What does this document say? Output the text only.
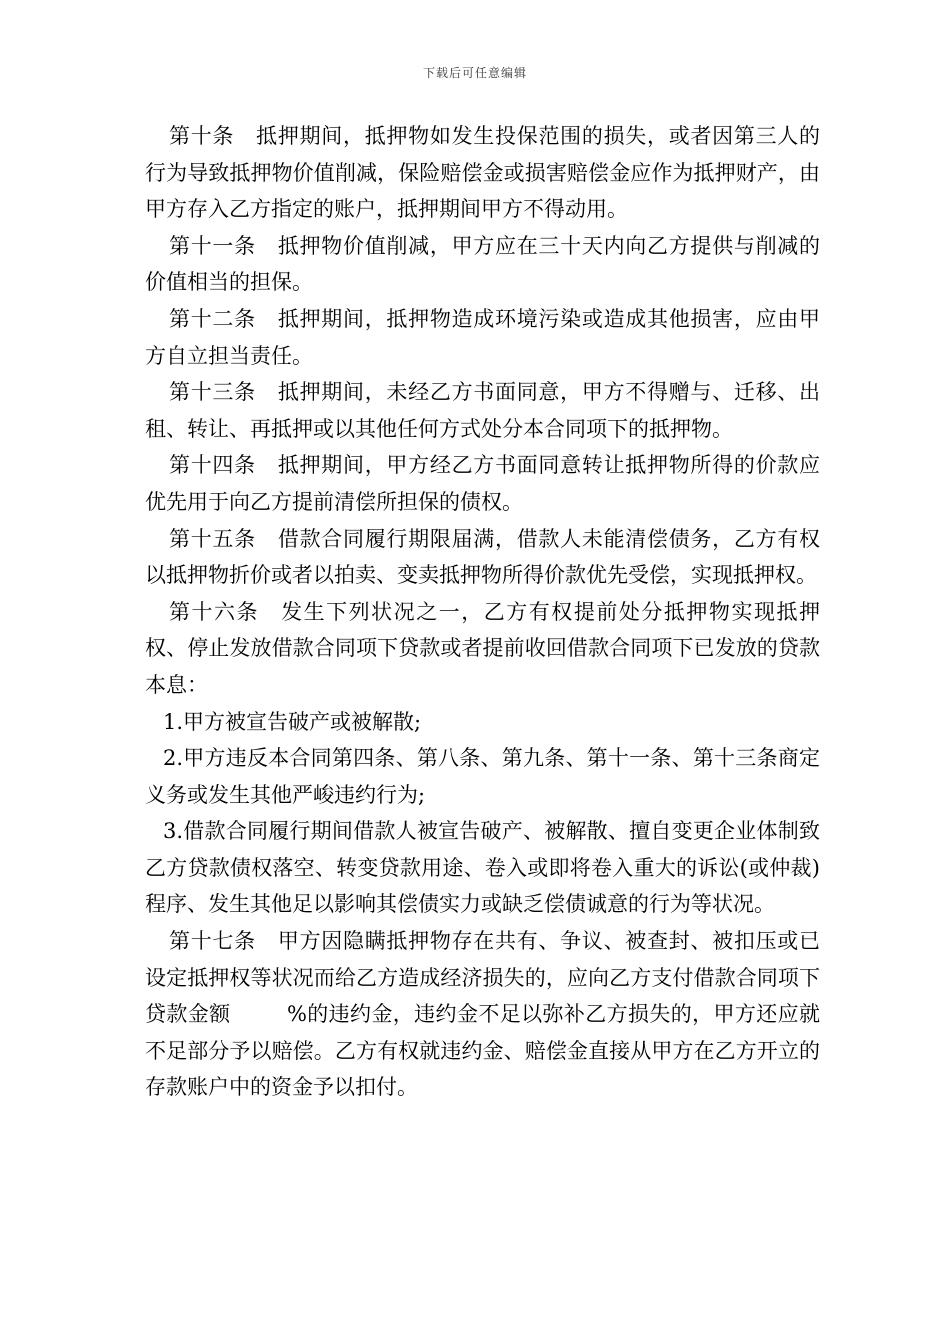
下载后可任意编辑

第十条 抵押期间，抵押物如发生投保范围的损失，或者因第三人的行为导致抵押物价值削减，保险赔偿金或损害赔偿金应作为抵押财产，由甲方存入乙方指定的账户，抵押期间甲方不得动用。

第十一条 抵押物价值削减，甲方应在三十天内向乙方提供与削减的价值相当的担保。

第十二条 抵押期间，抵押物造成环境污染或造成其他损害，应由甲方自立担当责任。

第十三条 抵押期间，未经乙方书面同意，甲方不得赠与、迁移、出租、转让、再抵押或以其他任何方式处分本合同项下的抵押物。

第十四条 抵押期间，甲方经乙方书面同意转让抵押物所得的价款应优先用于向乙方提前清偿所担保的债权。

第十五条 借款合同履行期限届满，借款人未能清偿债务，乙方有权以抵押物折价或者以拍卖、变卖抵押物所得价款优先受偿，实现抵押权。

第十六条 发生下列状况之一，乙方有权提前处分抵押物实现抵押权、停止发放借款合同项下贷款或者提前收回借款合同项下已发放的贷款本息：

1.甲方被宣告破产或被解散;

2.甲方违反本合同第四条、第八条、第九条、第十一条、第十三条商定义务或发生其他严峻违约行为;

3.借款合同履行期间借款人被宣告破产、被解散、擅自变更企业体制致乙方贷款债权落空、转变贷款用途、卷入或即将卷入重大的诉讼(或仲裁)程序、发生其他足以影响其偿债实力或缺乏偿债诚意的行为等状况。

第十七条 甲方因隐瞒抵押物存在共有、争议、被查封、被扣压或已设定抵押权等状况而给乙方造成经济损失的，应向乙方支付借款合同项下贷款金额	%的违约金，违约金不足以弥补乙方损失的，甲方还应就不足部分予以赔偿。乙方有权就违约金、赔偿金直接从甲方在乙方开立的存款账户中的资金予以扣付。
